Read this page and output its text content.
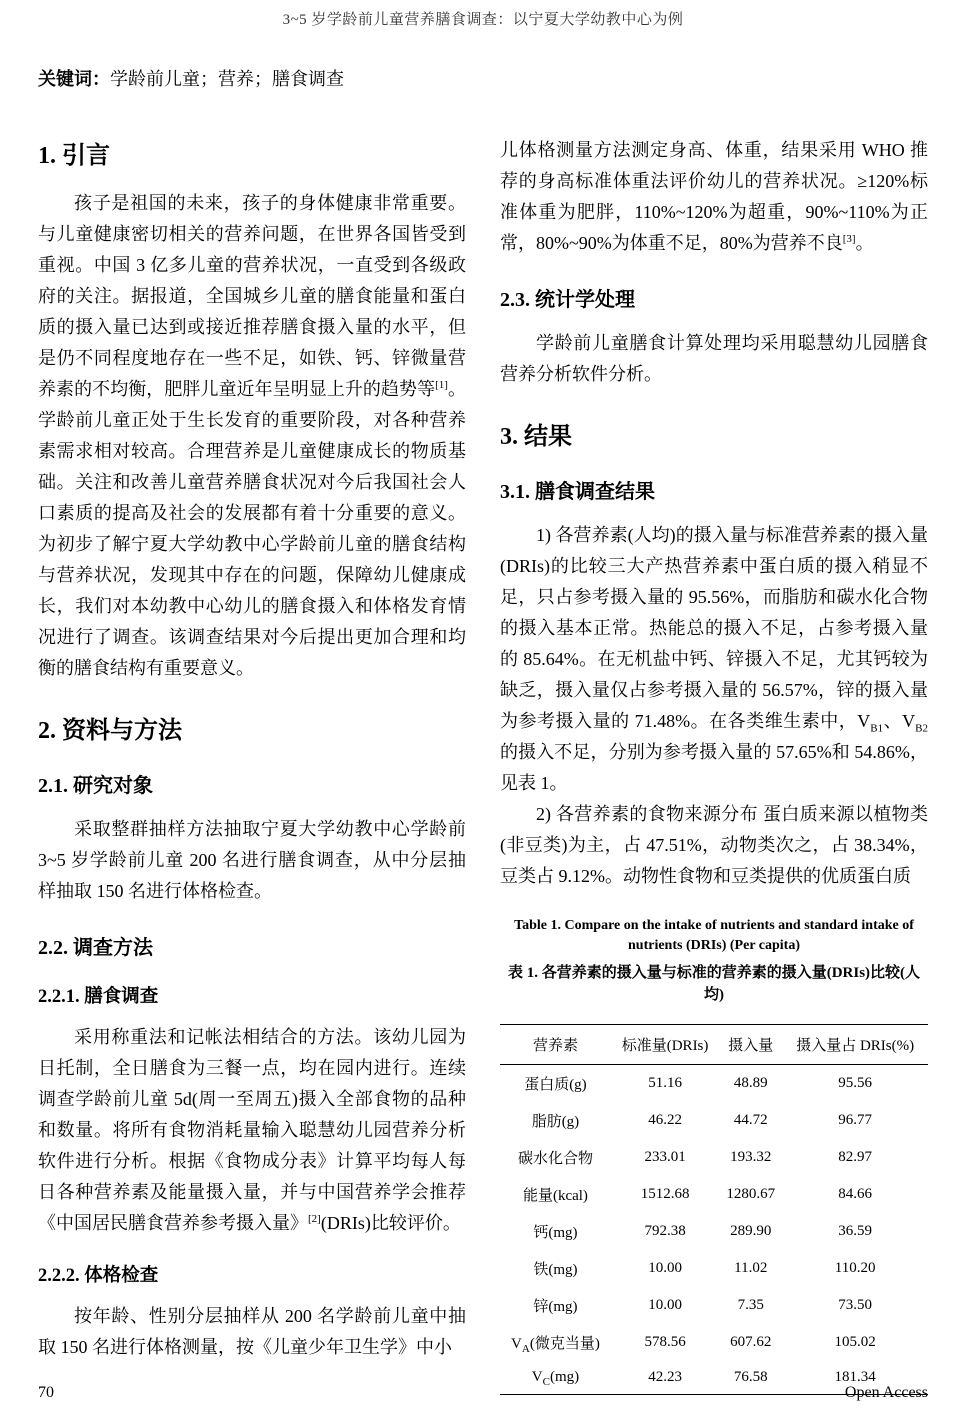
3~5 岁学龄前儿童营养膳食调查：以宁夏大学幼教中心为例
关键词：学龄前儿童；营养；膳食调查
1. 引言

孩子是祖国的未来，孩子的身体健康非常重要。与儿童健康密切相关的营养问题，在世界各国皆受到重视。中国 3 亿多儿童的营养状况，一直受到各级政府的关注。据报道，全国城乡儿童的膳食能量和蛋白质的摄入量已达到或接近推荐膳食摄入量的水平，但是仍不同程度地存在一些不足，如铁、钙、锌微量营养素的不均衡，肥胖儿童近年呈明显上升的趋势等[1]。学龄前儿童正处于生长发育的重要阶段，对各种营养素需求相对较高。合理营养是儿童健康成长的物质基础。关注和改善儿童营养膳食状况对今后我国社会人口素质的提高及社会的发展都有着十分重要的意义。为初步了解宁夏大学幼教中心学龄前儿童的膳食结构与营养状况，发现其中存在的问题，保障幼儿健康成长，我们对本幼教中心幼儿的膳食摄入和体格发育情况进行了调查。该调查结果对今后提出更加合理和均衡的膳食结构有重要意义。

2. 资料与方法
2.1. 研究对象

采取整群抽样方法抽取宁夏大学幼教中心学龄前 3~5 岁学龄前儿童 200 名进行膳食调查，从中分层抽样抽取 150 名进行体格检查。

2.2. 调查方法
2.2.1. 膳食调查

采用称重法和记帐法相结合的方法。该幼儿园为日托制，全日膳食为三餐一点，均在园内进行。连续调查学龄前儿童 5d(周一至周五)摄入全部食物的品种和数量。将所有食物消耗量输入聪慧幼儿园营养分析软件进行分析。根据《食物成分表》计算平均每人每日各种营养素及能量摄入量，并与中国营养学会推荐《中国居民膳食营养参考摄入量》[2](DRIs)比较评价。

2.2.2. 体格检查

按年龄、性别分层抽样从 200 名学龄前儿童中抽取 150 名进行体格测量，按《儿童少年卫生学》中小

儿体格测量方法测定身高、体重，结果采用 WHO 推荐的身高标准体重法评价幼儿的营养状况。≥120%标准体重为肥胖，110%~120%为超重，90%~110%为正常，80%~90%为体重不足，80%为营养不良[3]。

2.3. 统计学处理

学龄前儿童膳食计算处理均采用聪慧幼儿园膳食营养分析软件分析。

3. 结果
3.1. 膳食调查结果

1) 各营养素(人均)的摄入量与标准营养素的摄入量(DRIs)的比较三大产热营养素中蛋白质的摄入稍显不足，只占参考摄入量的 95.56%，而脂肪和碳水化合物的摄入基本正常。热能总的摄入不足，占参考摄入量的 85.64%。在无机盐中钙、锌摄入不足，尤其钙较为缺乏，摄入量仅占参考摄入量的 56.57%，锌的摄入量为参考摄入量的 71.48%。在各类维生素中，$V_{B1}$、$V_{B2}$ 的摄入不足，分别为参考摄入量的 57.65%和 54.86%，见表 1。

2) 各营养素的食物来源分布 蛋白质来源以植物类(非豆类)为主，占 47.51%，动物类次之，占 38.34%，豆类占 9.12%。动物性食物和豆类提供的优质蛋白质

Table 1. Compare on the intake of nutrients and standard intake of nutrients (DRIs) (Per capita)
表 1. 各营养素的摄入量与标准的营养素的摄入量(DRIs)比较(人均)
营养素	标准量(DRIs)	摄入量	摄入量占 DRIs(%)
蛋白质(g)	51.16	48.89	95.56
脂肪(g)	46.22	44.72	96.77
碳水化合物	233.01	193.32	82.97
能量(kcal)	1512.68	1280.67	84.66
钙(mg)	792.38	289.90	36.59
铁(mg)	10.00	11.02	110.20
锌(mg)	10.00	7.35	73.50
$V_A$(微克当量)	578.56	607.62	105.02
$V_C(mg)$	42.23	76.58	181.34
70	Open Access
